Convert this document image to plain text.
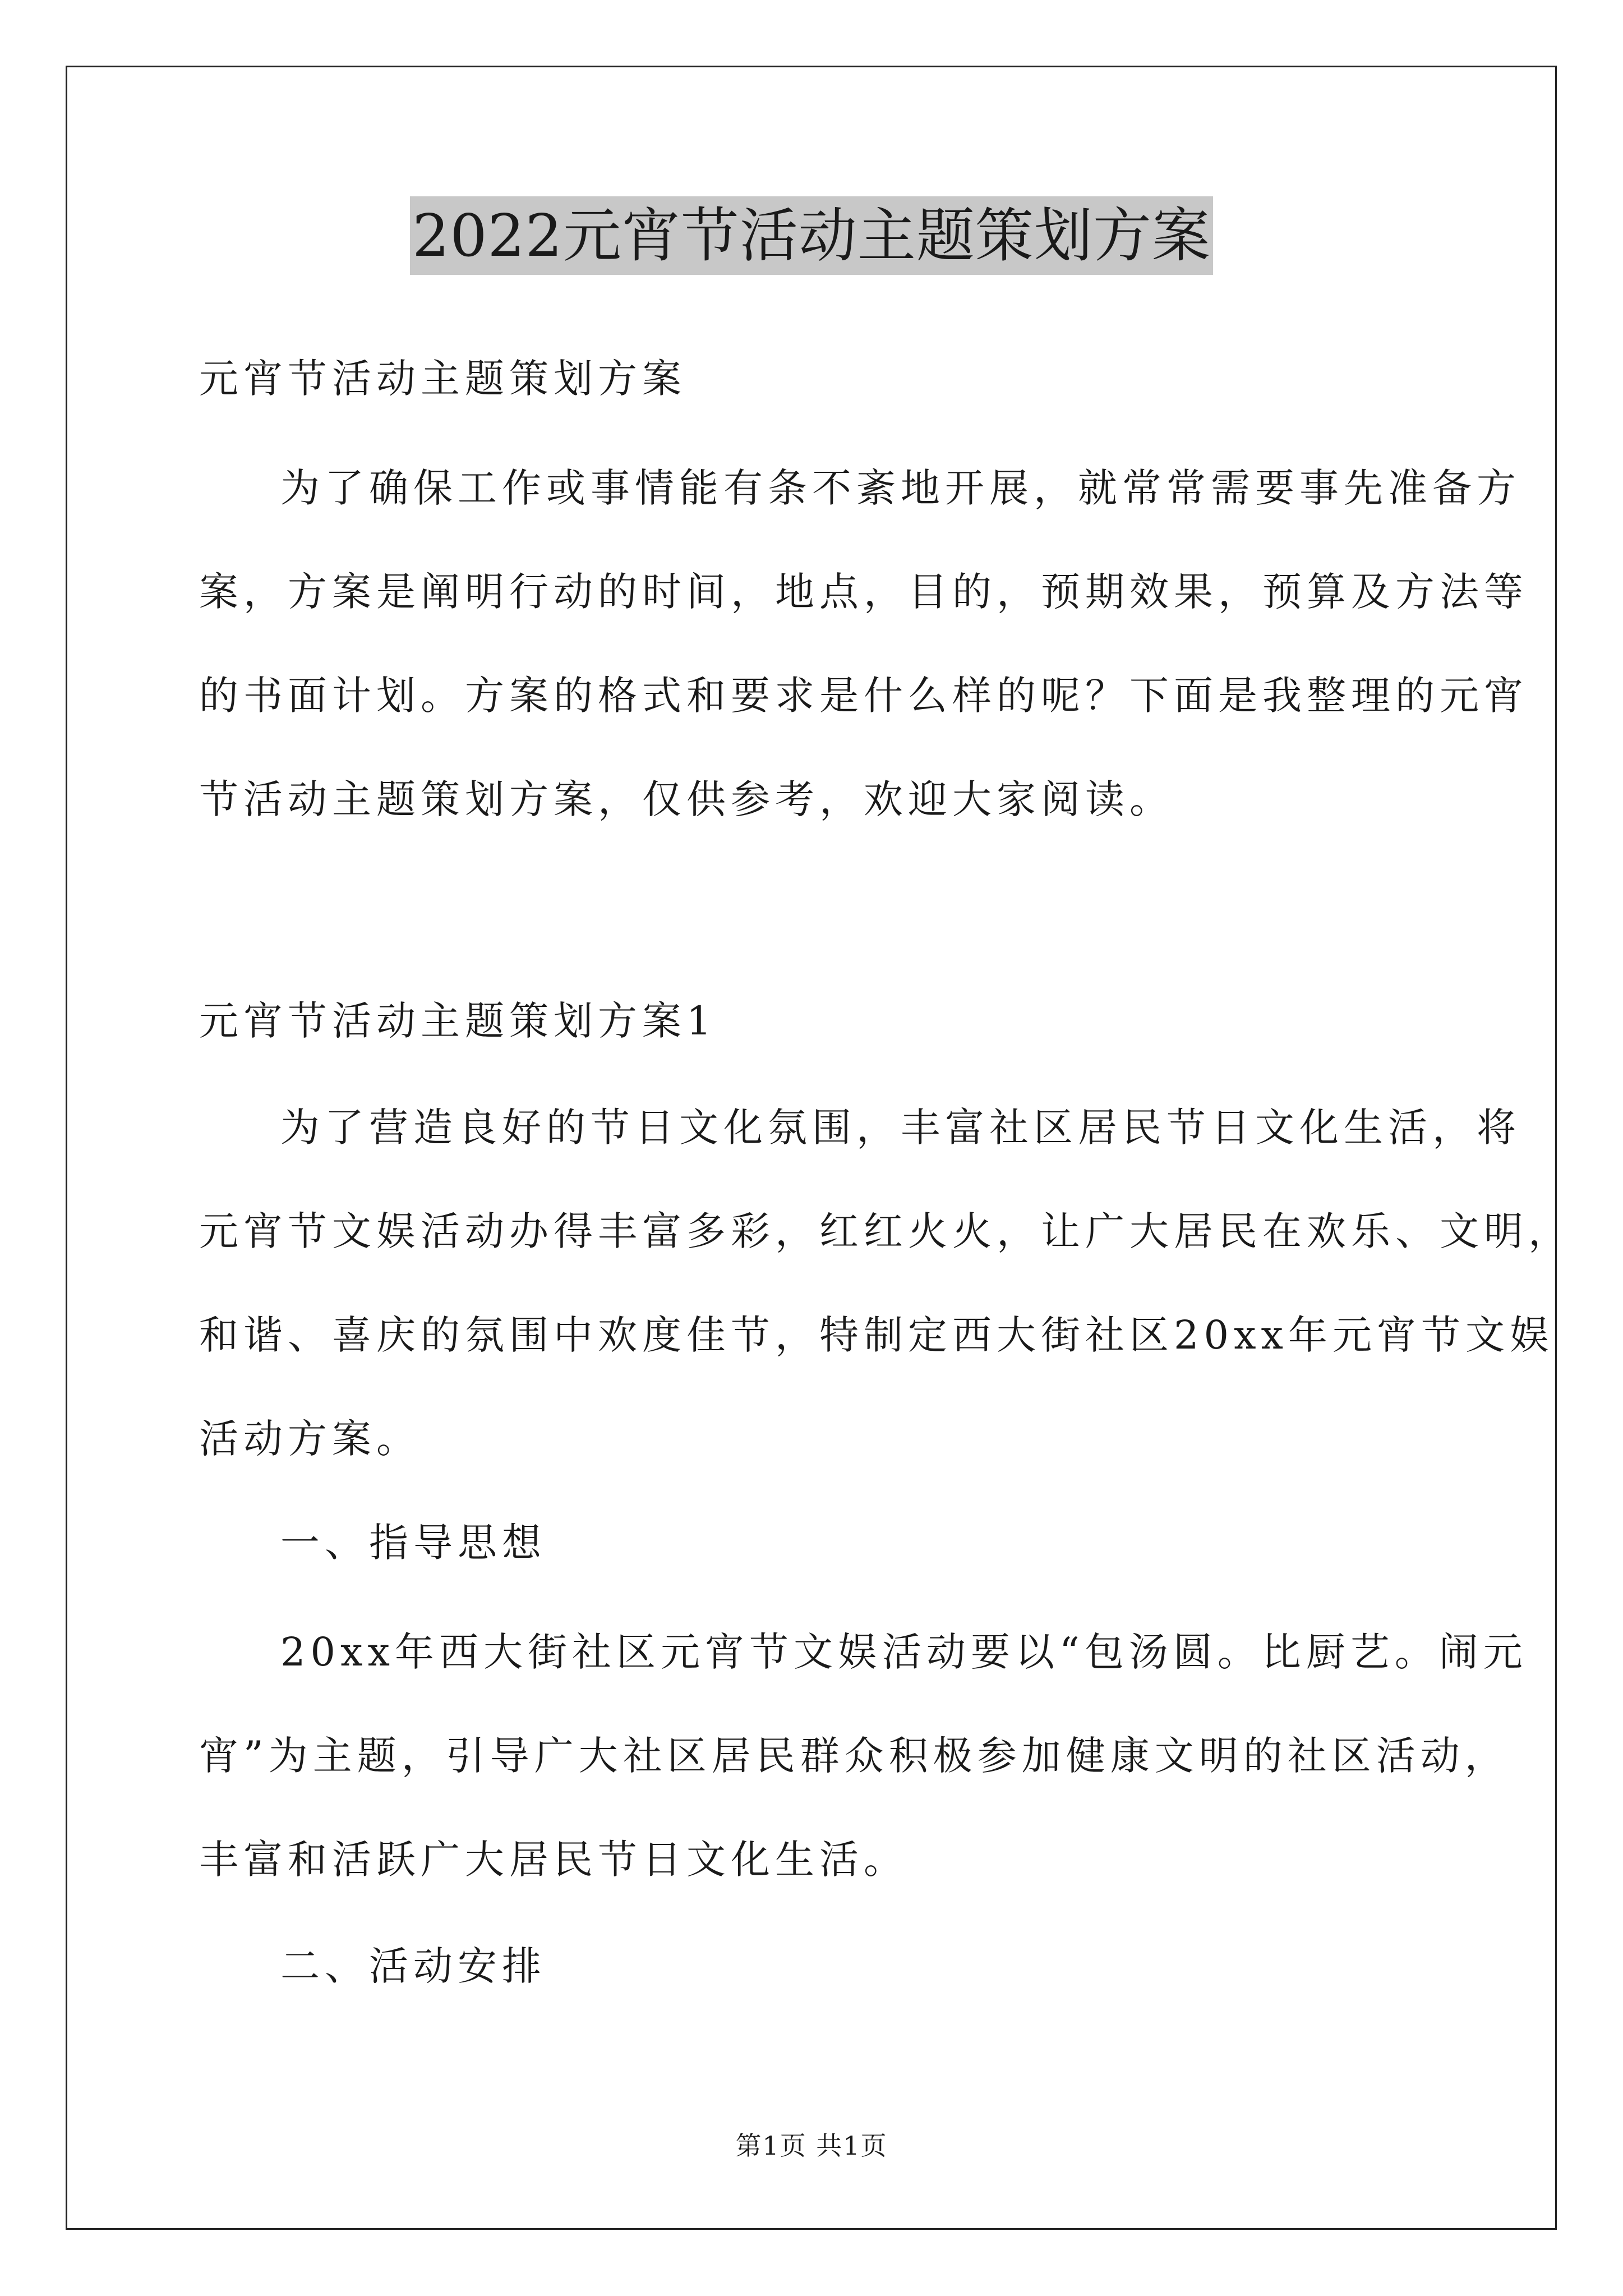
2022元宵节活动主题策划方案
元宵节活动主题策划方案
为了确保工作或事情能有条不紊地开展，就常常需要事先准备方
案，方案是阐明行动的时间，地点，目的，预期效果，预算及方法等
的书面计划。方案的格式和要求是什么样的呢？下面是我整理的元宵
节活动主题策划方案，仅供参考，欢迎大家阅读。
元宵节活动主题策划方案1
为了营造良好的节日文化氛围，丰富社区居民节日文化生活，将
元宵节文娱活动办得丰富多彩，红红火火，让广大居民在欢乐、文明，
和谐、喜庆的氛围中欢度佳节，特制定西大街社区20xx年元宵节文娱
活动方案。
一、指导思想
20xx年西大街社区元宵节文娱活动要以“包汤圆。比厨艺。闹元
宵”为主题，引导广大社区居民群众积极参加健康文明的社区活动，
丰富和活跃广大居民节日文化生活。
二、活动安排
第1页 共1页
